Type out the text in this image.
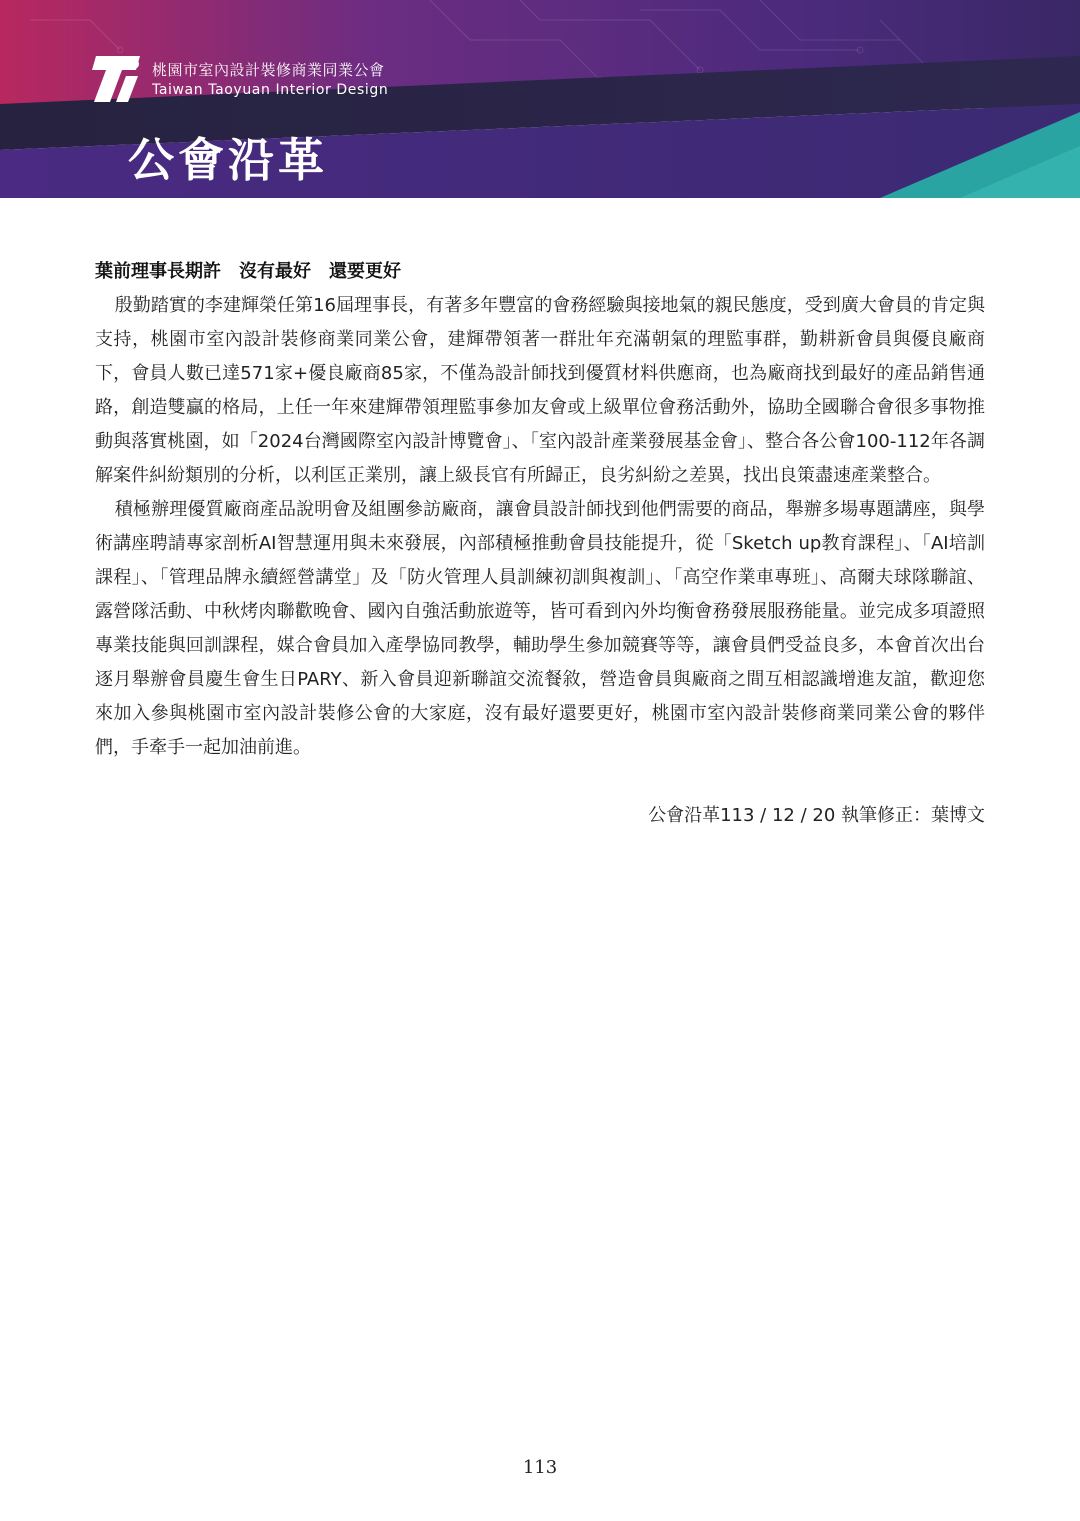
桃園市室內設計裝修商業同業公會
Taiwan Taoyuan Interior Design
公會沿革

葉前理事長期許　沒有最好　還要更好

殷勤踏實的李建輝榮任第16屆理事長，有著多年豐富的會務經驗與接地氣的親民態度，受到廣大會員的肯定與支持，桃園市室內設計裝修商業同業公會，建輝帶領著一群壯年充滿朝氣的理監事群，勤耕新會員與優良廠商下，會員人數已達571家+優良廠商85家，不僅為設計師找到優質材料供應商，也為廠商找到最好的產品銷售通路，創造雙贏的格局，上任一年來建輝帶領理監事參加友會或上級單位會務活動外，協助全國聯合會很多事物推動與落實桃園，如「2024台灣國際室內設計博覽會」、「室內設計產業發展基金會」、整合各公會100-112年各調解案件糾紛類別的分析，以利匡正業別，讓上級長官有所歸正，良劣糾紛之差異，找出良策盡速產業整合。

積極辦理優質廠商產品說明會及組團參訪廠商，讓會員設計師找到他們需要的商品，舉辦多場專題講座，與學術講座聘請專家剖析AI智慧運用與未來發展，內部積極推動會員技能提升，從「Sketch up教育課程」、「AI培訓課程」、「管理品牌永續經營講堂」及「防火管理人員訓練初訓與複訓」、「高空作業車專班」、高爾夫球隊聯誼、露營隊活動、中秋烤肉聯歡晚會、國內自強活動旅遊等，皆可看到內外均衡會務發展服務能量。並完成多項證照專業技能與回訓課程，媒合會員加入產學協同教學，輔助學生參加競賽等等，讓會員們受益良多，本會首次出台逐月舉辦會員慶生會生日PARY、新入會員迎新聯誼交流餐敘，營造會員與廠商之間互相認識增進友誼，歡迎您來加入參與桃園市室內設計裝修公會的大家庭，沒有最好還要更好，桃園市室內設計裝修商業同業公會的夥伴們，手牽手一起加油前進。

公會沿革113 / 12 / 20 執筆修正：葉博文

113
